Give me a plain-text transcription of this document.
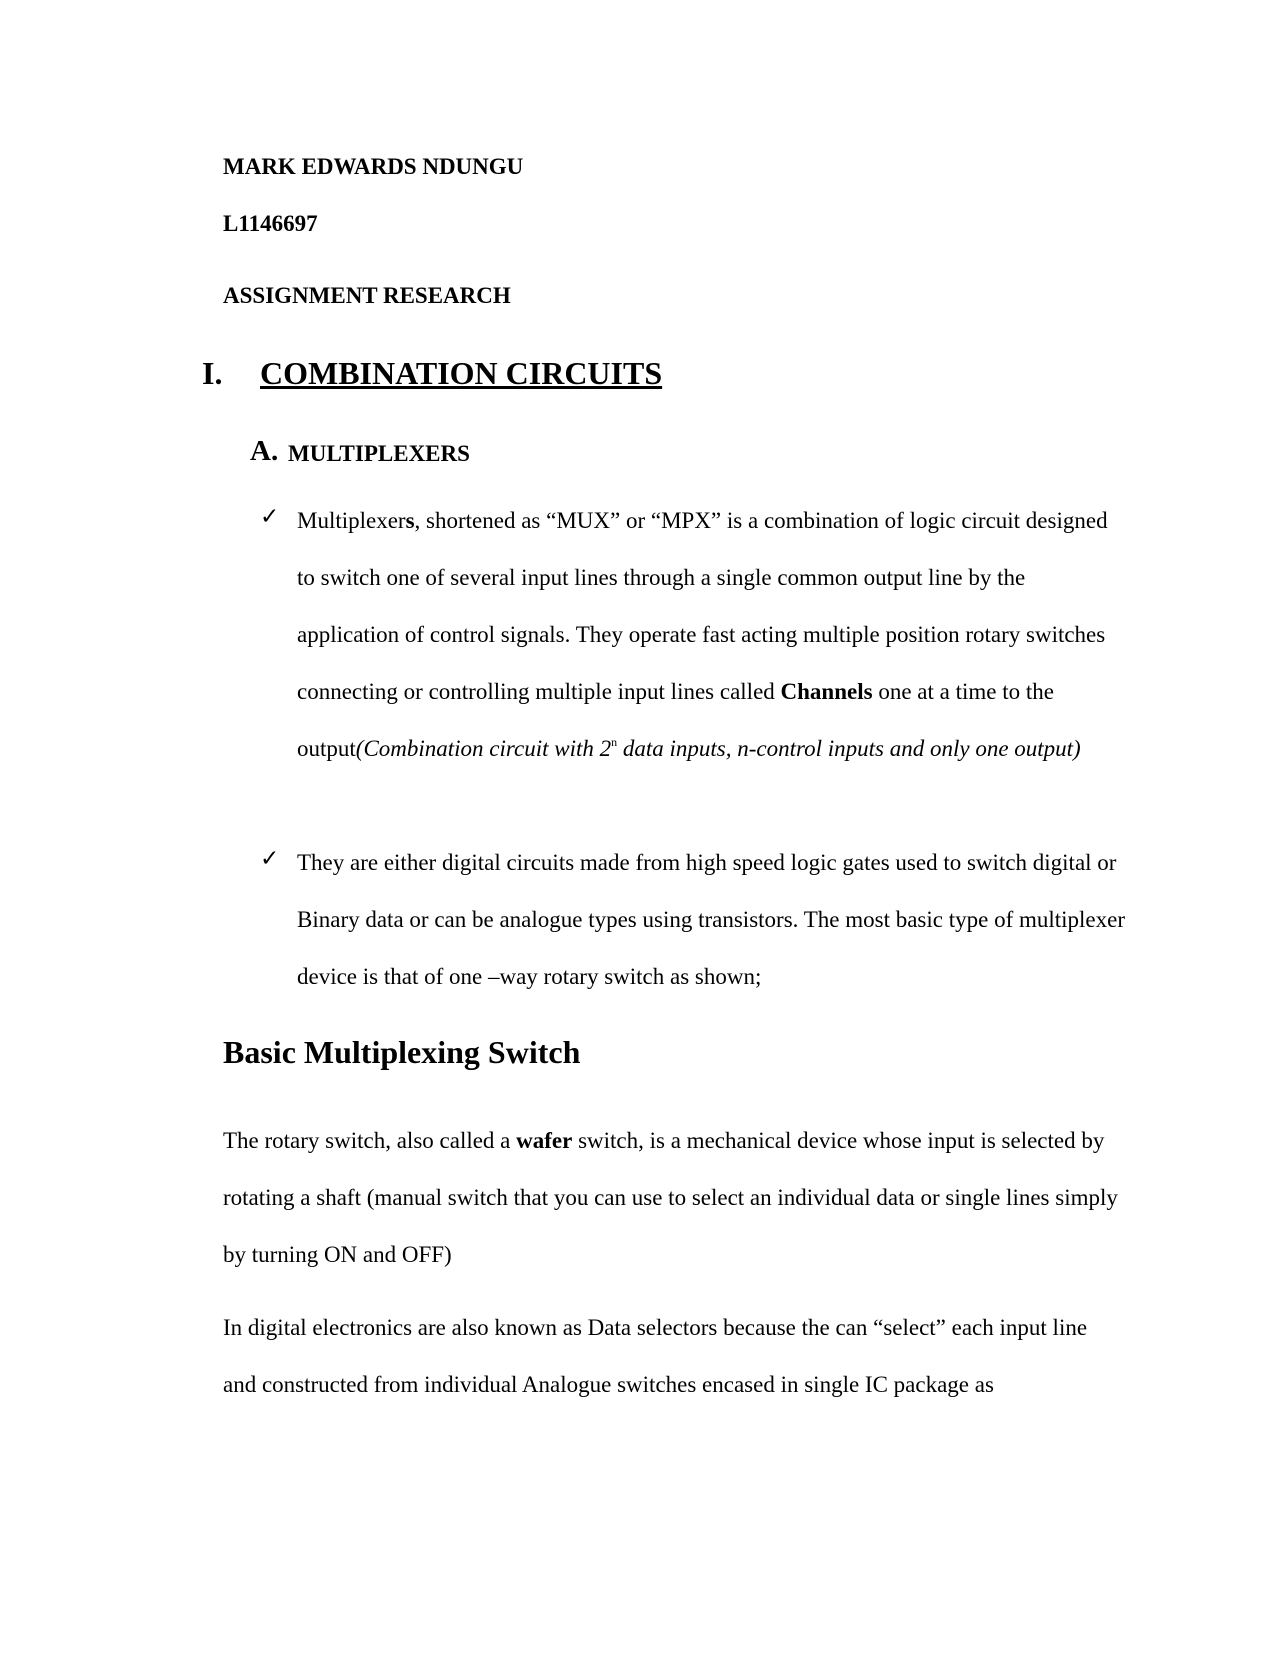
MARK EDWARDS NDUNGU

L1146697

ASSIGNMENT RESEARCH

I. COMBINATION CIRCUITS
A. MULTIPLEXERS
✓ Multiplexers, shortened as “MUX” or “MPX” is a combination of logic circuit designed to switch one of several input lines through a single common output line by the application of control signals. They operate fast acting multiple position rotary switches connecting or controlling multiple input lines called Channels one at a time to the output(Combination circuit with 2$^n$ data inputs, n-control inputs and only one output)

✓ They are either digital circuits made from high speed logic gates used to switch digital or Binary data or can be analogue types using transistors. The most basic type of multiplexer device is that of one –way rotary switch as shown;

Basic Multiplexing Switch

The rotary switch, also called a wafer switch, is a mechanical device whose input is selected by rotating a shaft (manual switch that you can use to select an individual data or single lines simply by turning ON and OFF)

In digital electronics are also known as Data selectors because the can “select” each input line and constructed from individual Analogue switches encased in single IC package as
